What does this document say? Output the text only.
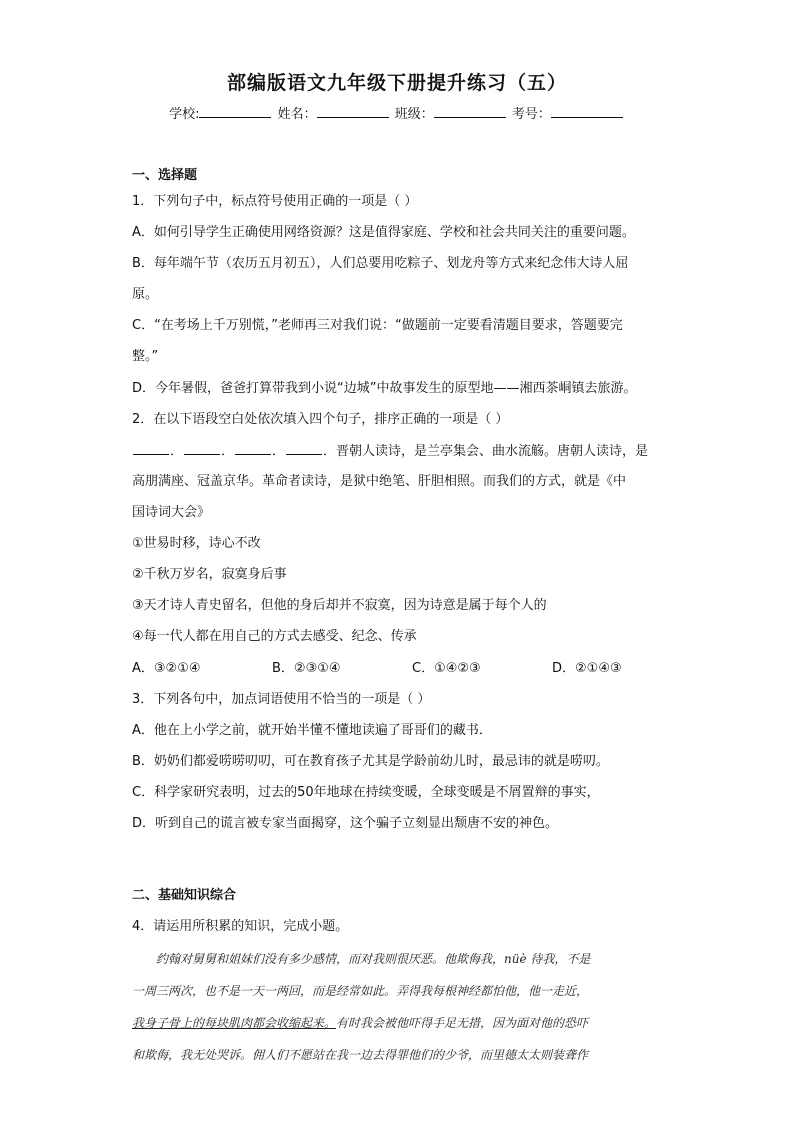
部编版语文九年级下册提升练习（五）
学校:	姓名：	班级：	考号：
一、选择题
1．下列句子中，标点符号使用正确的一项是（ ）
A．如何引导学生正确使用网络资源？这是值得家庭、学校和社会共同关注的重要问题。
B．每年端午节（农历五月初五），人们总要用吃粽子、划龙舟等方式来纪念伟大诗人屈
原。
C．“在考场上千万别慌，”老师再三对我们说：“做题前一定要看清题目要求，答题要完
整。”
D．今年暑假，爸爸打算带我到小说“边城”中故事发生的原型地——湘西茶峒镇去旅游。
2．在以下语段空白处依次填入四个句子，排序正确的一项是（ ）
．	．	．	．晋朝人读诗，是兰亭集会、曲水流觞。唐朝人读诗，是
高朋满座、冠盖京华。革命者读诗，是狱中绝笔、肝胆相照。而我们的方式，就是《中
国诗词大会》
①世易时移，诗心不改
②千秋万岁名，寂寞身后事
③天才诗人青史留名，但他的身后却并不寂寞，因为诗意是属于每个人的
④每一代人都在用自己的方式去感受、纪念、传承
A．③②①④	B．②③①④	C．①④②③	D．②①④③
3．下列各句中，加点词语使用不恰当的一项是（ ）
A．他在上小学之前，就开始半懂不懂地读遍了哥哥们的藏书．
B．奶奶们都爱唠唠叨叨，可在教育孩子尤其是学龄前幼儿时，最忌讳的就是唠叨。
C．科学家研究表明，过去的50年地球在持续变暖，全球变暖是不屑置辩的事实，
D．听到自己的谎言被专家当面揭穿，这个骗子立刻显出颓唐不安的神色。
二、基础知识综合
4．请运用所积累的知识，完成小题。
约翰对舅舅和姐妹们没有多少感情，而对我则很厌恶。他欺侮我，nüè 待我，不是
一周三两次，也不是一天一两回，而是经常如此。弄得我每根神经都怕他，他一走近，
我身子骨上的每块肌肉都会收缩起来。有时我会被他吓得手足无措，因为面对他的恐吓
和欺侮，我无处哭诉。佣人们不愿站在我一边去得罪他们的少爷，而里德太太则装聋作
